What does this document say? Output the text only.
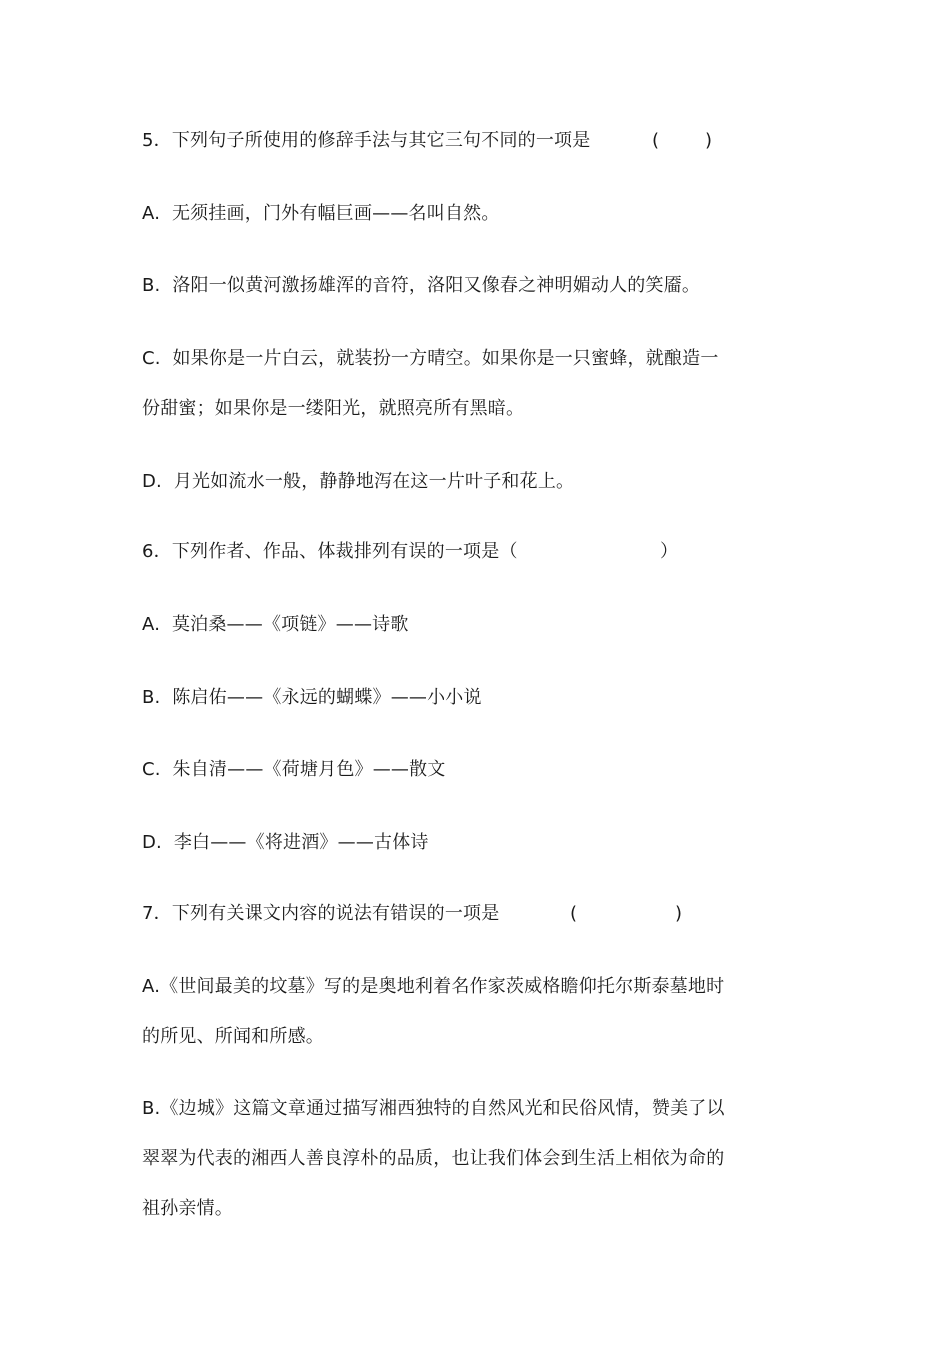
5．下列句子所使用的修辞手法与其它三句不同的一项是	(	)
A.  无须挂画，门外有幅巨画——名叫自然。
B.  洛阳一似黄河激扬雄浑的音符，洛阳又像春之神明媚动人的笑靥。
C.  如果你是一片白云，就装扮一方晴空。如果你是一只蜜蜂，就酿造一
份甜蜜；如果你是一缕阳光，就照亮所有黑暗。
D.  月光如流水一般，静静地泻在这一片叶子和花上。
6．下列作者、作品、体裁排列有误的一项是（	）
A.  莫泊桑——《项链》——诗歌
B.  陈启佑——《永远的蝴蝶》——小小说
C.  朱自清——《荷塘月色》——散文
D.  李白——《将进酒》——古体诗
7．下列有关课文内容的说法有错误的一项是	(	)
A.《世间最美的坟墓》写的是奥地利着名作家茨威格瞻仰托尔斯泰墓地时
的所见、所闻和所感。
B.《边城》这篇文章通过描写湘西独特的自然风光和民俗风情，赞美了以
翠翠为代表的湘西人善良淳朴的品质，也让我们体会到生活上相依为命的
祖孙亲情。
